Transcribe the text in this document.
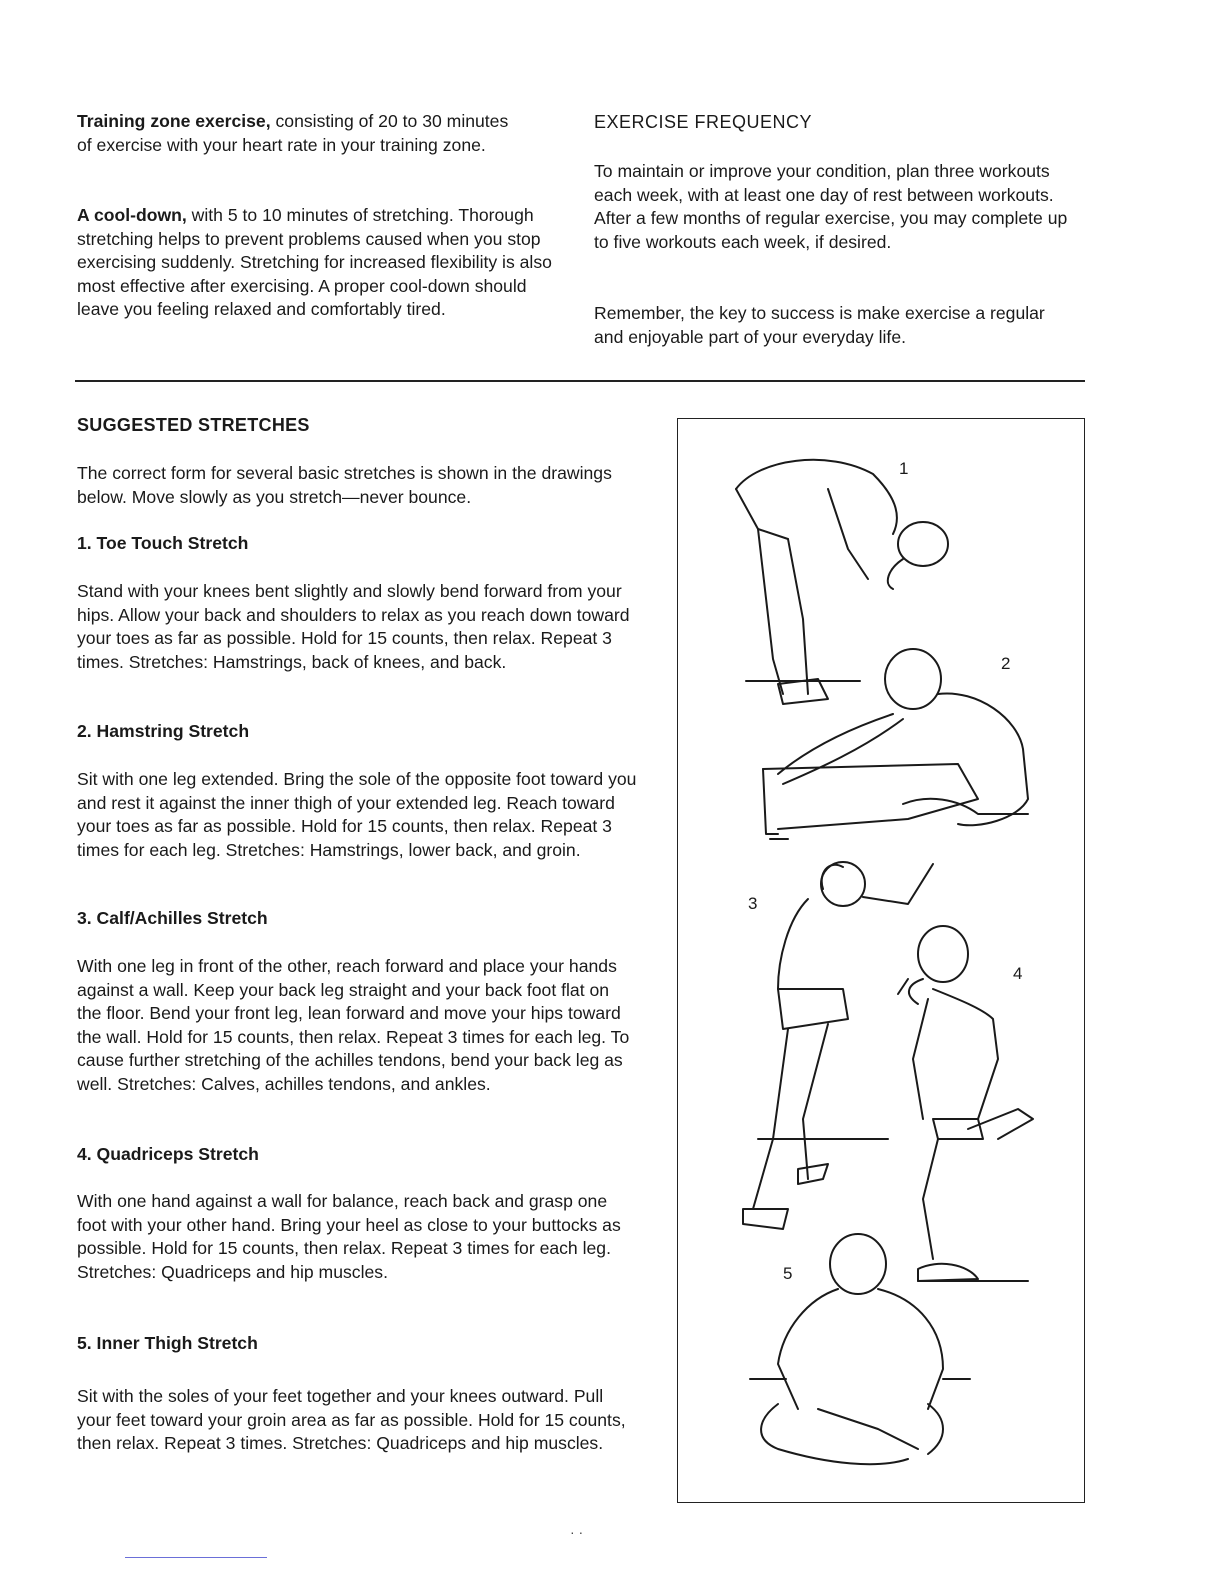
Training zone exercise, consisting of 20 to 30 minutes of exercise with your heart rate in your training zone.

A cool-down, with 5 to 10 minutes of stretching. Thorough stretching helps to prevent problems caused when you stop exercising suddenly. Stretching for increased flexibility is also most effective after exercising. A proper cool-down should leave you feeling relaxed and comfortably tired.

EXERCISE FREQUENCY

To maintain or improve your condition, plan three workouts each week, with at least one day of rest between workouts. After a few months of regular exercise, you may complete up to five workouts each week, if desired.

Remember, the key to success is make exercise a regular and enjoyable part of your everyday life.

SUGGESTED STRETCHES

The correct form for several basic stretches is shown in the drawings below. Move slowly as you stretch—never bounce.

1. Toe Touch Stretch

Stand with your knees bent slightly and slowly bend forward from your hips. Allow your back and shoulders to relax as you reach down toward your toes as far as possible. Hold for 15 counts, then relax. Repeat 3 times. Stretches: Hamstrings, back of knees, and back.

2. Hamstring Stretch

Sit with one leg extended. Bring the sole of the opposite foot toward you and rest it against the inner thigh of your extended leg. Reach toward your toes as far as possible. Hold for 15 counts, then relax. Repeat 3 times for each leg. Stretches: Hamstrings, lower back, and groin.

3. Calf/Achilles Stretch

With one leg in front of the other, reach forward and place your hands against a wall. Keep your back leg straight and your back foot flat on the floor. Bend your front leg, lean forward and move your hips toward the wall. Hold for 15 counts, then relax. Repeat 3 times for each leg. To cause further stretching of the achilles tendons, bend your back leg as well. Stretches: Calves, achilles tendons, and ankles.

4. Quadriceps Stretch

With one hand against a wall for balance, reach back and grasp one foot with your other hand. Bring your heel as close to your buttocks as possible. Hold for 15 counts, then relax. Repeat 3 times for each leg. Stretches: Quadriceps and hip muscles.

5. Inner Thigh Stretch

Sit with the soles of your feet together and your knees outward. Pull your feet toward your groin area as far as possible. Hold for 15 counts, then relax. Repeat 3 times. Stretches: Quadriceps and hip muscles.

1
2
3
4
5
· ·
